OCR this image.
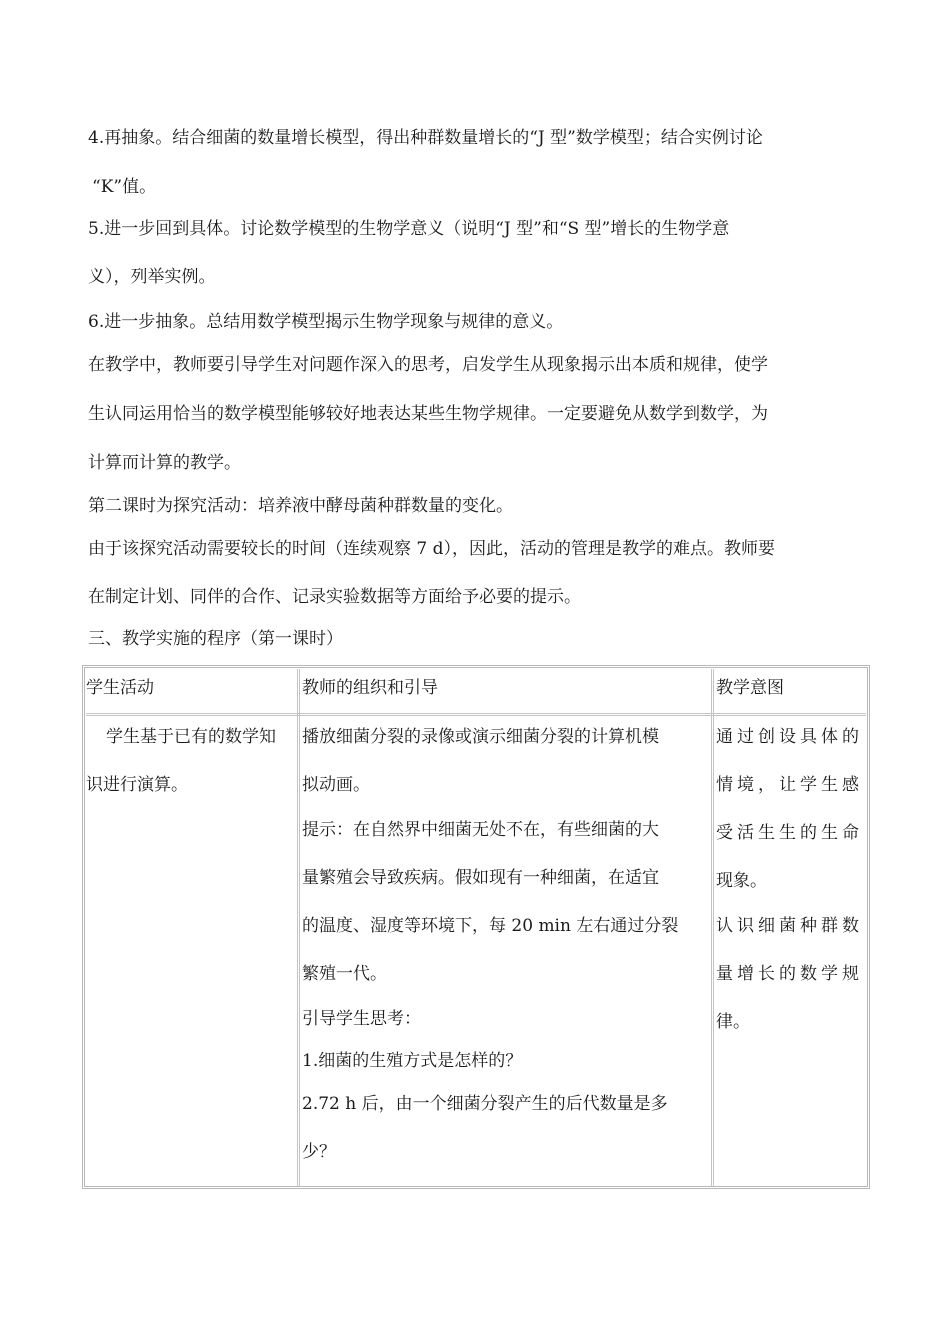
4.再抽象。结合细菌的数量增长模型，得出种群数量增长的“J 型”数学模型；结合实例讨论
“K”值。
5.进一步回到具体。讨论数学模型的生物学意义（说明“J 型”和“S 型”增长的生物学意
义），列举实例。
6.进一步抽象。总结用数学模型揭示生物学现象与规律的意义。
在教学中，教师要引导学生对问题作深入的思考，启发学生从现象揭示出本质和规律，使学
生认同运用恰当的数学模型能够较好地表达某些生物学规律。一定要避免从数学到数学，为
计算而计算的教学。
第二课时为探究活动：培养液中酵母菌种群数量的变化。
由于该探究活动需要较长的时间（连续观察 7 d），因此，活动的管理是教学的难点。教师要
在制定计划、同伴的合作、记录实验数据等方面给予必要的提示。
三、教学实施的程序（第一课时）
学生活动	教师的组织和引导	教学意图
学生基于已有的数学知
识进行演算。
播放细菌分裂的录像或演示细菌分裂的计算机模
拟动画。
提示：在自然界中细菌无处不在，有些细菌的大
量繁殖会导致疾病。假如现有一种细菌，在适宜
的温度、湿度等环境下，每 20 min 左右通过分裂
繁殖一代。
引导学生思考：
1.细菌的生殖方式是怎样的？
2.72 h 后，由一个细菌分裂产生的后代数量是多
少？
通过创设具体的
情境，让学生感
受活生生的生命
现象。
认识细菌种群数
量增长的数学规
律。
